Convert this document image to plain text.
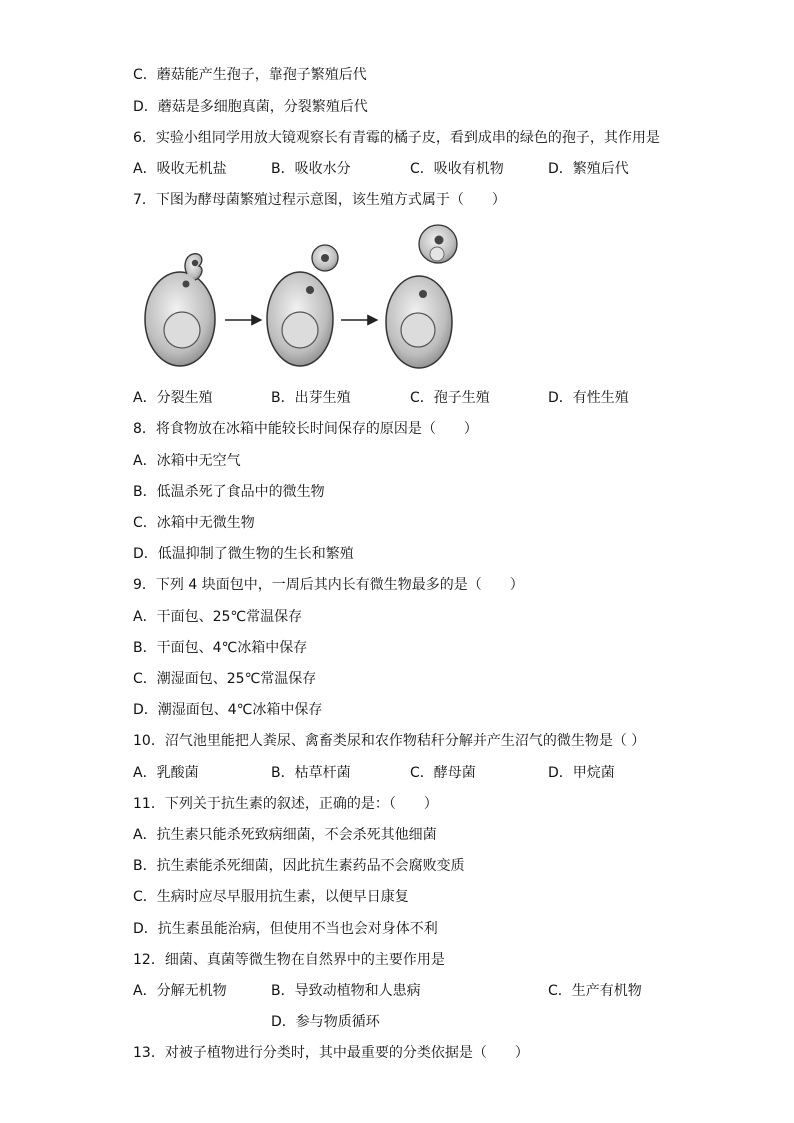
C．蘑菇能产生孢子，靠孢子繁殖后代
D．蘑菇是多细胞真菌，分裂繁殖后代
6．实验小组同学用放大镜观察长有青霉的橘子皮，看到成串的绿色的孢子，其作用是
A．吸收无机盐	B．吸收水分	C．吸收有机物	D．繁殖后代
7．下图为酵母菌繁殖过程示意图，该生殖方式属于（　　）
A．分裂生殖	B．出芽生殖	C．孢子生殖	D．有性生殖
8．将食物放在冰箱中能较长时间保存的原因是（　　）
A．冰箱中无空气
B．低温杀死了食品中的微生物
C．冰箱中无微生物
D．低温抑制了微生物的生长和繁殖
9．下列 4 块面包中，一周后其内长有微生物最多的是（　　）
A．干面包、25℃常温保存
B．干面包、4℃冰箱中保存
C．潮湿面包、25℃常温保存
D．潮湿面包、4℃冰箱中保存
10．沼气池里能把人粪尿、禽畜类尿和农作物秸秆分解并产生沼气的微生物是（ ）
A．乳酸菌	B．枯草杆菌	C．酵母菌	D．甲烷菌
11．下列关于抗生素的叙述，正确的是：（　　）
A．抗生素只能杀死致病细菌，不会杀死其他细菌
B．抗生素能杀死细菌，因此抗生素药品不会腐败变质
C．生病时应尽早服用抗生素，以便早日康复
D．抗生素虽能治病，但使用不当也会对身体不利
12．细菌、真菌等微生物在自然界中的主要作用是
A．分解无机物	B．导致动植物和人患病	C．生产有机物
D．参与物质循环
13．对被子植物进行分类时，其中最重要的分类依据是（　　）
